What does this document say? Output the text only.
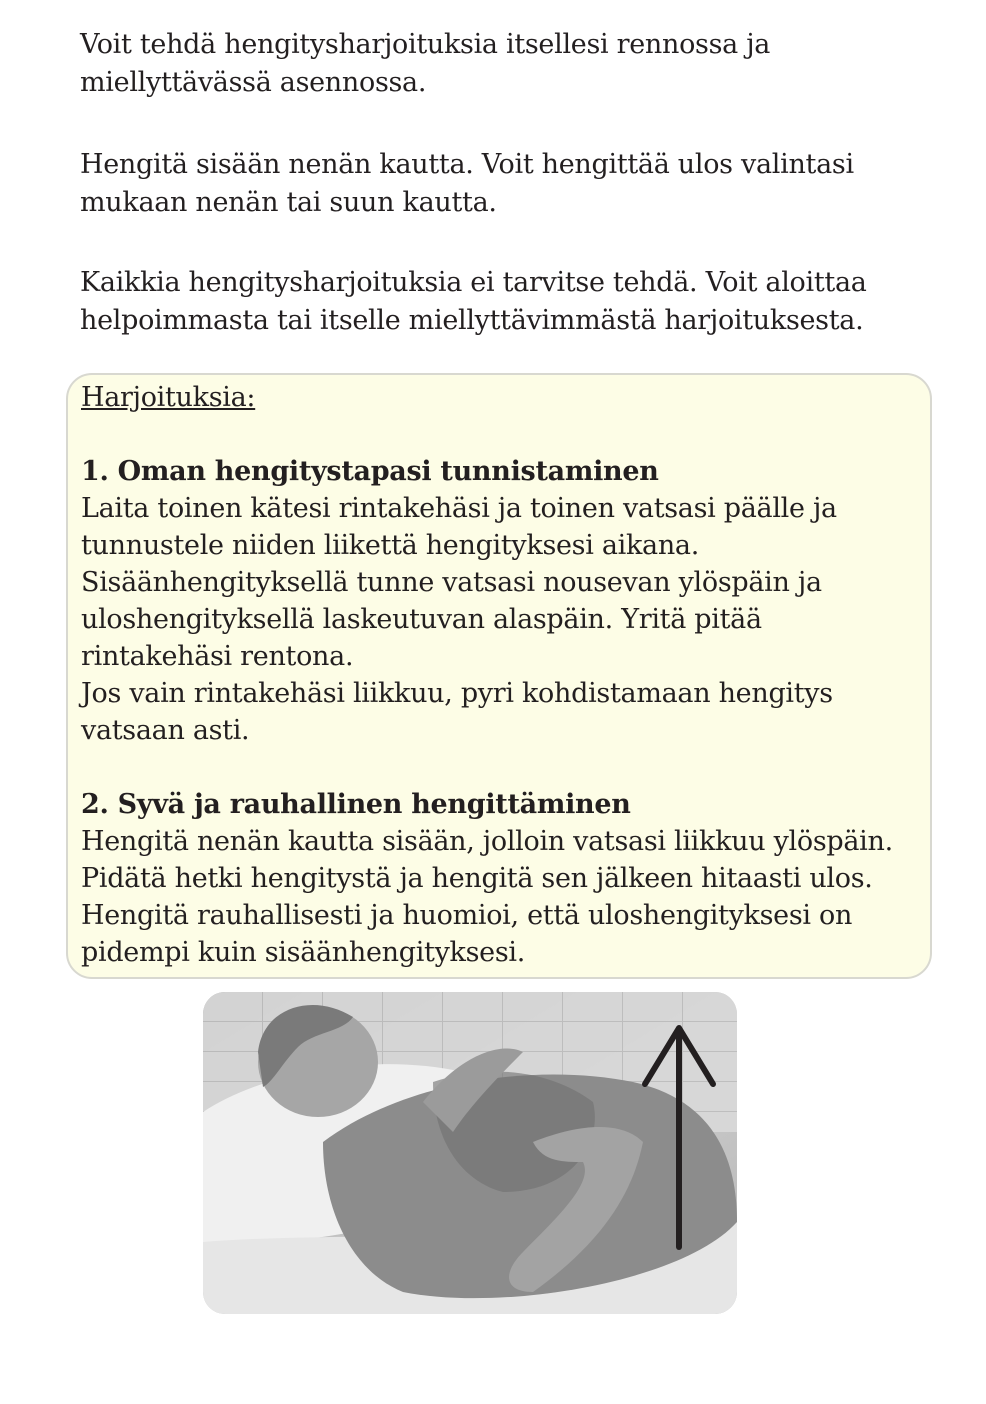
Voit tehdä hengitysharjoituksia itsellesi rennossa ja miellyttävässä asennossa.

Hengitä sisään nenän kautta. Voit hengittää ulos valintasi mukaan nenän tai suun kautta.

Kaikkia hengitysharjoituksia ei tarvitse tehdä. Voit aloittaa helpoimmasta tai itselle miellyttävimmästä harjoituksesta.

Harjoituksia:

1. Oman hengitystapasi tunnistaminen

Laita toinen kätesi rintakehäsi ja toinen vatsasi päälle ja tunnustele niiden liikettä hengityksesi aikana.

Sisäänhengityksellä tunne vatsasi nousevan ylöspäin ja uloshengityksellä laskeutuvan alaspäin. Yritä pitää rintakehäsi rentona.

Jos vain rintakehäsi liikkuu, pyri kohdistamaan hengitys vatsaan asti.

2. Syvä ja rauhallinen hengittäminen

Hengitä nenän kautta sisään, jolloin vatsasi liikkuu ylöspäin. Pidätä hetki hengitystä ja hengitä sen jälkeen hitaasti ulos. Hengitä rauhallisesti ja huomioi, että uloshengityksesi on pidempi kuin sisäänhengityksesi.
